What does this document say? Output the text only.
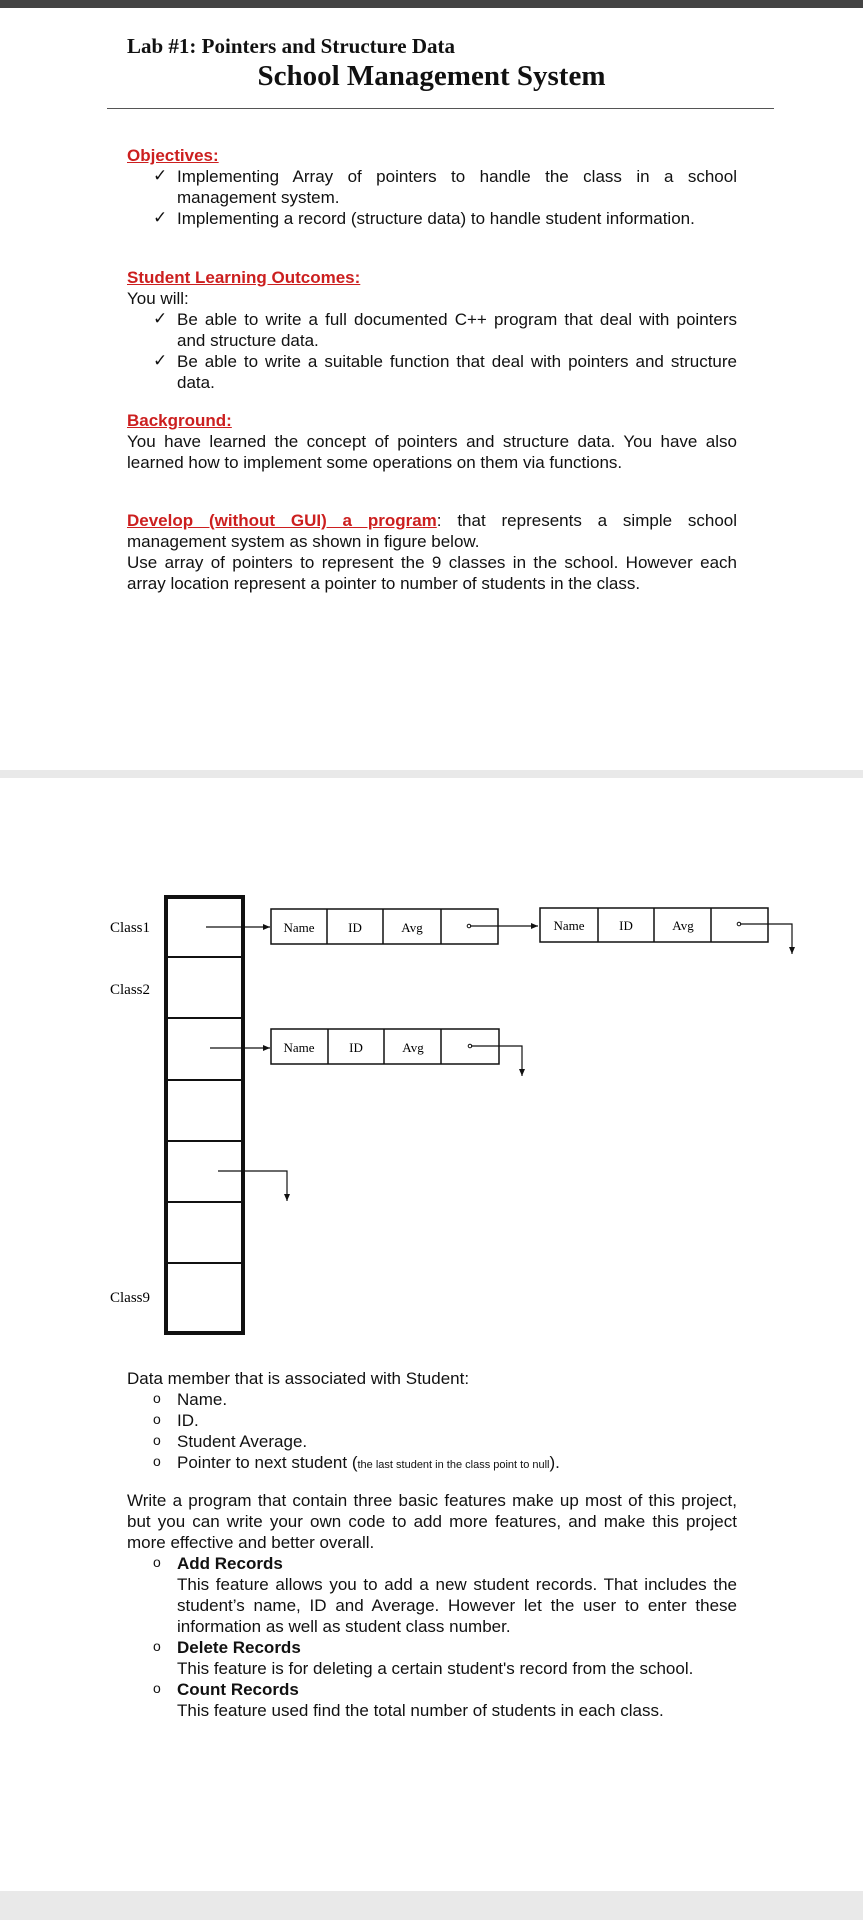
Lab #1: Pointers and Structure Data
School Management System
Objectives:
✓ Implementing Array of pointers to handle the class in a school management system.
✓ Implementing a record (structure data) to handle student information.
Student Learning Outcomes:
You will:
✓ Be able to write a full documented C++ program that deal with pointers and structure data.
✓ Be able to write a suitable function that deal with pointers and structure data.
Background:
You have learned the concept of pointers and structure data. You have also learned how to implement some operations on them via functions.
Develop (without GUI) a program: that represents a simple school management system as shown in figure below.
Use array of pointers to represent the 9 classes in the school. However each array location represent a pointer to number of students in the class.
Class1
Class2
Class9
Name	ID	Avg	Name	ID	Avg
Name	ID	Avg
Data member that is associated with Student:
o Name.
o ID.
o Student Average.
o Pointer to next student (the last student in the class point to null).
Write a program that contain three basic features make up most of this project, but you can write your own code to add more features, and make this project more effective and better overall.
o Add Records
This feature allows you to add a new student records. That includes the student’s name, ID and Average. However let the user to enter these information as well as student class number.
o Delete Records
This feature is for deleting a certain student's record from the school.
o Count Records
This feature used find the total number of students in each class.
